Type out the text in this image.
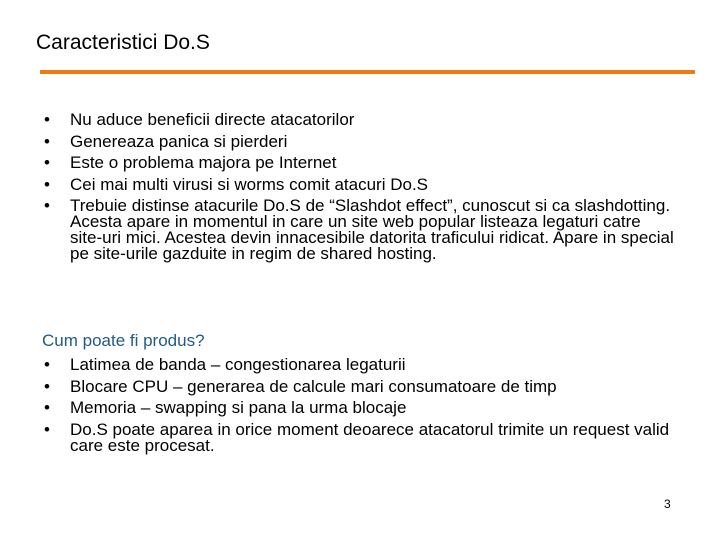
Caracteristici Do.S
• Nu aduce beneficii directe atacatorilor
• Genereaza panica si pierderi
• Este o problema majora pe Internet
• Cei mai multi virusi si worms comit atacuri Do.S
• Trebuie distinse atacurile Do.S de “Slashdot effect”, cunoscut si ca slashdotting. Acesta apare in momentul in care un site web popular listeaza legaturi catre site-uri mici. Acestea devin innacesibile datorita traficului ridicat. Apare in special pe site-urile gazduite in regim de shared hosting.

Cum poate fi produs?

• Latimea de banda – congestionarea legaturii
• Blocare CPU – generarea de calcule mari consumatoare de timp
• Memoria – swapping si pana la urma blocaje
• Do.S poate aparea in orice moment deoarece atacatorul trimite un request valid care este procesat.
3
